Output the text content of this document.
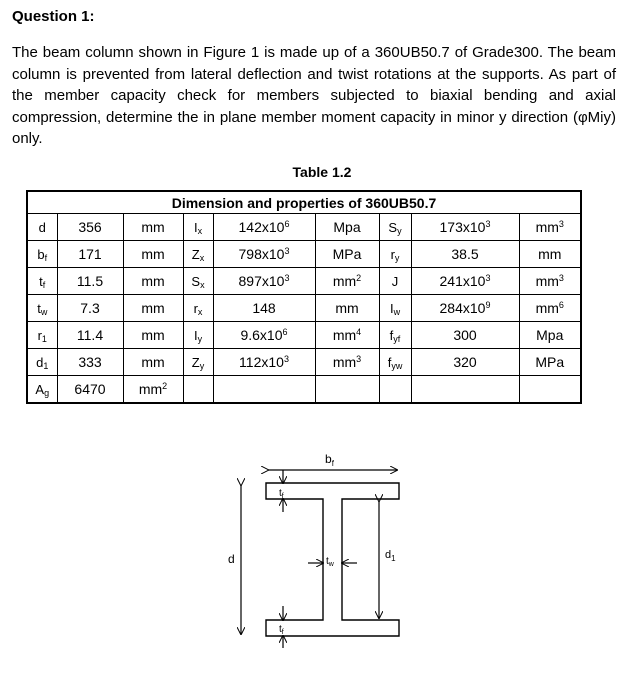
Question 1:
The beam column shown in Figure 1 is made up of a 360UB50.7 of Grade300. The beam column is prevented from lateral deflection and twist rotations at the supports. As part of the member capacity check for members subjected to biaxial bending and axial compression, determine the in plane member moment capacity in minor y direction (φMiy) only.
Table 1.2
Dimension and properties of 360UB50.7								
d	356	mm	$I_x$	$142x10^6$	Mpa	$S_y$	$173x10^3$	$mm^3$
$b_f$	171	mm	$Z_x$	$798x10^3$	MPa	$r_y$	38.5	mm
$t_f$	11.5	mm	$S_x$	$897x10^3$	$mm^2$	J	$241x10^3$	$mm^3$
$t_w$	7.3	mm	$r_x$	148	mm	$I_w$	$284x10^9$	$mm^6$
$r_1$	11.4	mm	$I_y$	$9.6x10^6$	$mm^4$	$f_{yf}$	300	Mpa
$d_1$	333	mm	$Z_y$	$112x10^3$	$mm^3$	$f_{yw}$	320	MPa
$A_g$	6470	$mm^2$						
$b_f$
$t_f$
$t_f$
d	$t_w$
$d_1$
